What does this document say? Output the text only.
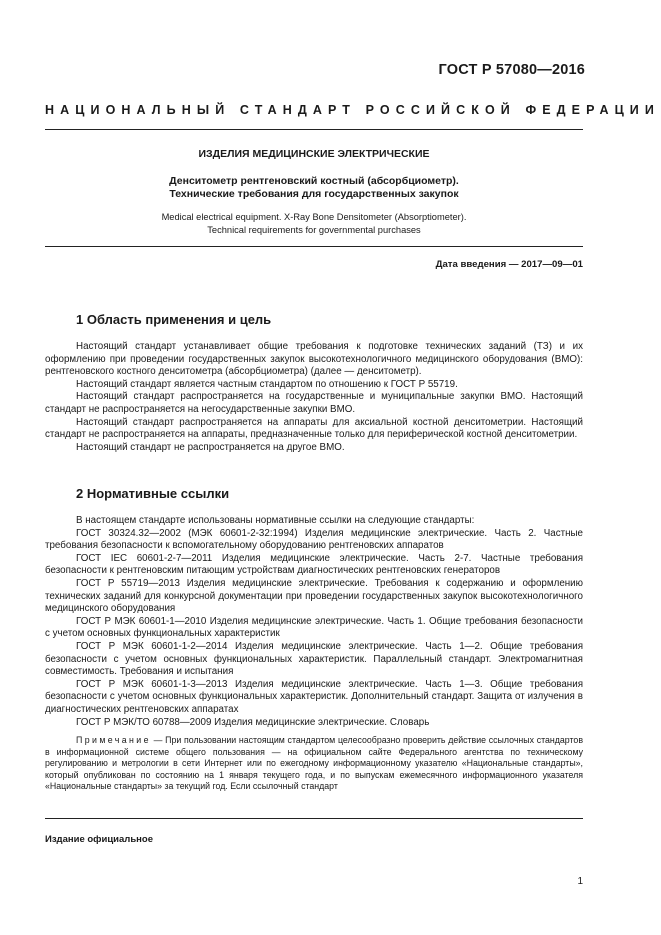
ГОСТ Р 57080—2016
НАЦИОНАЛЬНЫЙ СТАНДАРТ РОССИЙСКОЙ ФЕДЕРАЦИИ
ИЗДЕЛИЯ МЕДИЦИНСКИЕ ЭЛЕКТРИЧЕСКИЕ
Денситометр рентгеновский костный (абсорбциометр).
Технические требования для государственных закупок
Medical electrical equipment. X-Ray Bone Densitometer (Absorptiometer).
Technical requirements for governmental purchases
Дата введения — 2017—09—01
1 Область применения и цель

Настоящий стандарт устанавливает общие требования к подготовке технических заданий (ТЗ) и их оформлению при проведении государственных закупок высокотехнологичного медицинского оборудования (ВМО): рентгеновского костного денситометра (абсорбциометра) (далее — денситометр).

Настоящий стандарт является частным стандартом по отношению к ГОСТ Р 55719.

Настоящий стандарт распространяется на государственные и муниципальные закупки ВМО. Настоящий стандарт не распространяется на негосударственные закупки ВМО.

Настоящий стандарт распространяется на аппараты для аксиальной костной денситометрии. Настоящий стандарт не распространяется на аппараты, предназначенные только для периферической костной денситометрии.

Настоящий стандарт не распространяется на другое ВМО.

2 Нормативные ссылки

В настоящем стандарте использованы нормативные ссылки на следующие стандарты:

ГОСТ 30324.32—2002 (МЭК 60601-2-32:1994) Изделия медицинские электрические. Часть 2. Частные требования безопасности к вспомогательному оборудованию рентгеновских аппаратов

ГОСТ IEC 60601-2-7—2011 Изделия медицинские электрические. Часть 2-7. Частные требования безопасности к рентгеновским питающим устройствам диагностических рентгеновских генераторов

ГОСТ Р 55719—2013 Изделия медицинские электрические. Требования к содержанию и оформлению технических заданий для конкурсной документации при проведении государственных закупок высокотехнологичного медицинского оборудования

ГОСТ Р МЭК 60601-1—2010 Изделия медицинские электрические. Часть 1. Общие требования безопасности с учетом основных функциональных характеристик

ГОСТ Р МЭК 60601-1-2—2014 Изделия медицинские электрические. Часть 1—2. Общие требования безопасности с учетом основных функциональных характеристик. Параллельный стандарт. Электромагнитная совместимость. Требования и испытания

ГОСТ Р МЭК 60601-1-3—2013 Изделия медицинские электрические. Часть 1—3. Общие требования безопасности с учетом основных функциональных характеристик. Дополнительный стандарт. Защита от излучения в диагностических рентгеновских аппаратах

ГОСТ Р МЭК/ТО 60788—2009 Изделия медицинские электрические. Словарь

Примечание — При пользовании настоящим стандартом целесообразно проверить действие ссылочных стандартов в информационной системе общего пользования — на официальном сайте Федерального агентства по техническому регулированию и метрологии в сети Интернет или по ежегодному информационному указателю «Национальные стандарты», который опубликован по состоянию на 1 января текущего года, и по выпускам ежемесячного информационного указателя «Национальные стандарты» за текущий год. Если ссылочный стандарт
Издание официальное
1
